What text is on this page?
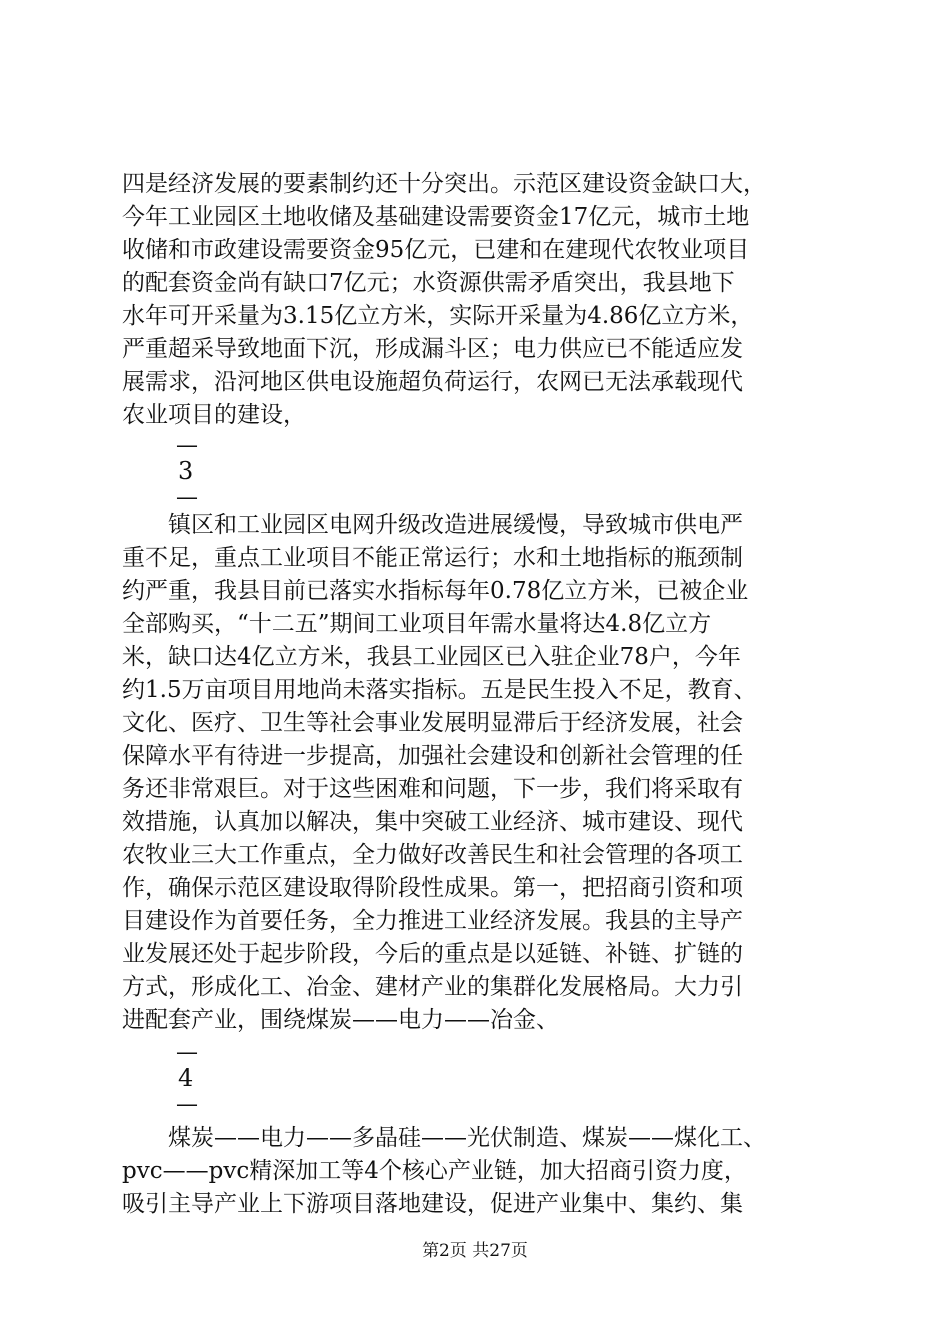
四是经济发展的要素制约还十分突出。示范区建设资金缺口大，
今年工业园区土地收储及基础建设需要资金17亿元，城市土地
收储和市政建设需要资金95亿元，已建和在建现代农牧业项目
的配套资金尚有缺口7亿元；水资源供需矛盾突出，我县地下
水年可开采量为3.15亿立方米，实际开采量为4.86亿立方米，
严重超采导致地面下沉，形成漏斗区；电力供应已不能适应发
展需求，沿河地区供电设施超负荷运行，农网已无法承载现代
农业项目的建设，
—
3
—
　　镇区和工业园区电网升级改造进展缓慢，导致城市供电严
重不足，重点工业项目不能正常运行；水和土地指标的瓶颈制
约严重，我县目前已落实水指标每年0.78亿立方米，已被企业
全部购买，“十二五”期间工业项目年需水量将达4.8亿立方
米，缺口达4亿立方米，我县工业园区已入驻企业78户，今年
约1.5万亩项目用地尚未落实指标。五是民生投入不足，教育、
文化、医疗、卫生等社会事业发展明显滞后于经济发展，社会
保障水平有待进一步提高，加强社会建设和创新社会管理的任
务还非常艰巨。对于这些困难和问题，下一步，我们将采取有
效措施，认真加以解决，集中突破工业经济、城市建设、现代
农牧业三大工作重点，全力做好改善民生和社会管理的各项工
作，确保示范区建设取得阶段性成果。第一，把招商引资和项
目建设作为首要任务，全力推进工业经济发展。我县的主导产
业发展还处于起步阶段，今后的重点是以延链、补链、扩链的
方式，形成化工、冶金、建材产业的集群化发展格局。大力引
进配套产业，围绕煤炭——电力——冶金、
—
4
—
　　煤炭——电力——多晶硅——光伏制造、煤炭——煤化工、
pvc——pvc精深加工等4个核心产业链，加大招商引资力度，
吸引主导产业上下游项目落地建设，促进产业集中、集约、集
第2页 共27页
